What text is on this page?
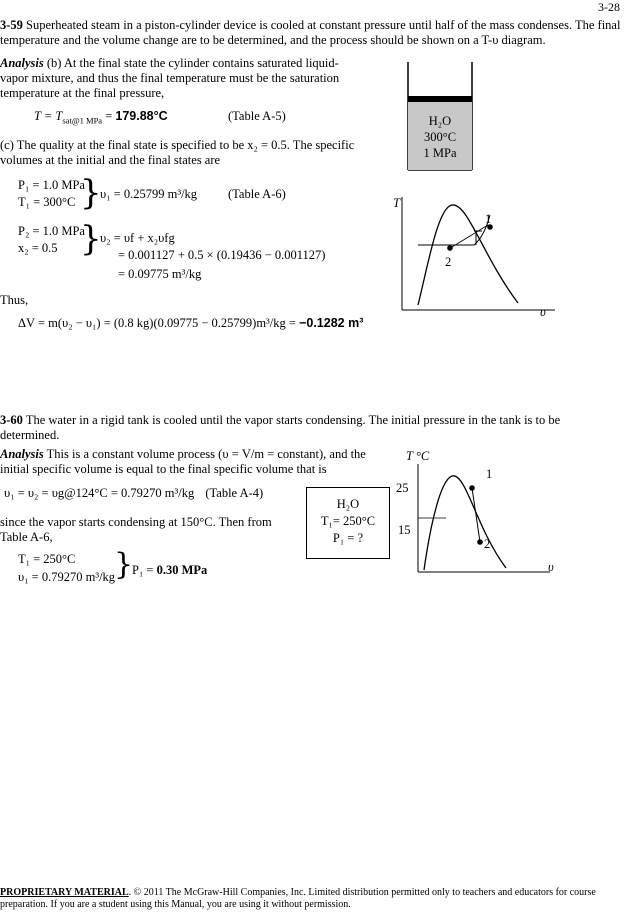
3-28
3-59 Superheated steam in a piston-cylinder device is cooled at constant pressure until half of the mass condenses. The final
temperature and the volume change are to be determined, and the process should be shown on a T-υ diagram.
Analysis (b) At the final state the cylinder contains saturated liquid-
vapor mixture, and thus the final temperature must be the saturation
temperature at the final pressure,
$T = T_{sat@1 MPa} = 179.88^\circ C$	(Table A-5)
(c) The quality at the final state is specified to be x₂ = 0.5. The specific
volumes at the initial and the final states are
P₁ = 1.0 MPa
T₁ = 300°C }
υ₁ = 0.25799 m³/kg (Table A-6)
P₂ = 1.0 MPa
x₂ = 0.5 }
υ₂ = υf + x₂υfg
= 0.001127 + 0.5 × (0.19436 − 0.001127)
= 0.09775 m³/kg
Thus,
ΔV = m(υ₂ − υ₁) = (0.8 kg)(0.09775 − 0.25799)m³/kg = −0.1282 m³
H₂O
300°C
1 MPa
T
υ
1
2
3-60 The water in a rigid tank is cooled until the vapor starts condensing. The initial pressure in the tank is to be
determined.
Analysis This is a constant volume process (υ = V/m = constant), and the
initial specific volume is equal to the final specific volume that is
υ₁ = υ₂ = υg@124°C = 0.79270 m³/kg (Table A-4)
since the vapor starts condensing at 150°C. Then from
Table A-6,
T₁ = 250°C
υ₁ = 0.79270 m³/kg
}
P₁ = 0.30 MPa
H₂O
T₁= 250°C
P₁ = ?
T °C
25
15
υ
1
2
PROPRIETARY MATERIAL. © 2011 The McGraw-Hill Companies, Inc. Limited distribution permitted only to teachers and educators for course
preparation. If you are a student using this Manual, you are using it without permission.
